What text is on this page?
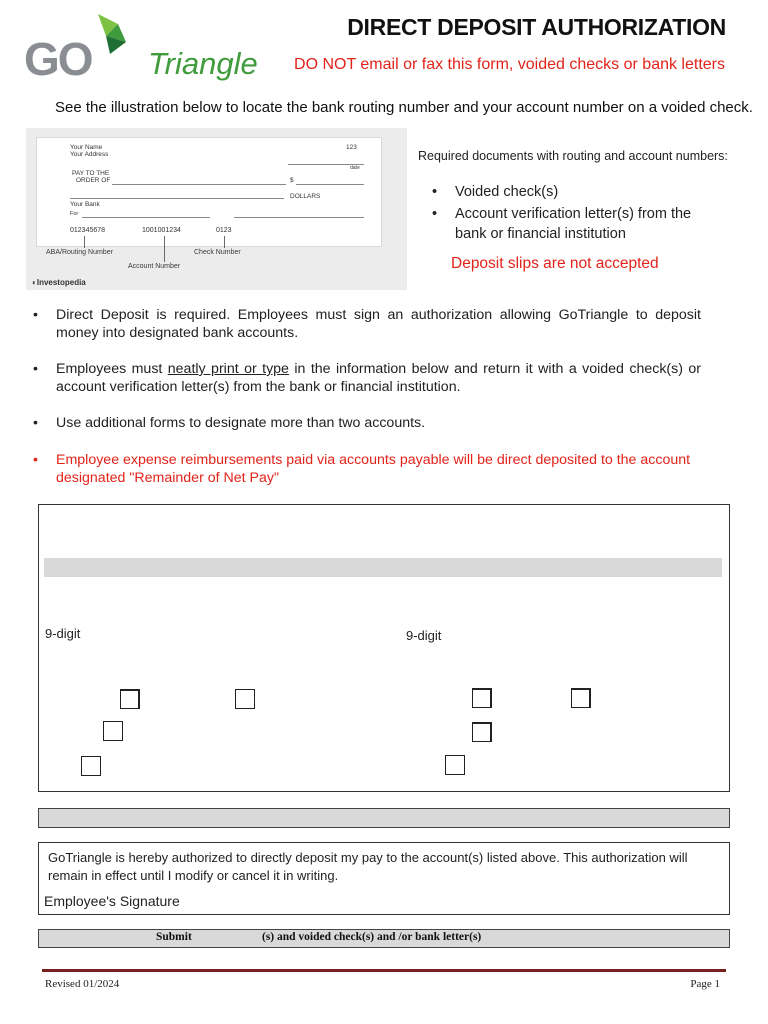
GO Triangle
DIRECT DEPOSIT AUTHORIZATION
DO NOT email or fax this form, voided checks or bank letters
See the illustration below to locate the bank routing number and your account number on a voided check.
Your Name
Your Address
123
date
PAY TO THE
ORDER OF	$
DOLLARS
Your Bank
For
012345678	1001001234	0123
ABA/Routing Number	Check Number
Account Number
◐Investopedia
Required documents with routing and account numbers:
• Voided check(s)
• Account verification letter(s) from the bank or financial institution
Deposit slips are not accepted
• Direct Deposit is required. Employees must sign an authorization allowing GoTriangle to deposit money into designated bank accounts.
• Employees must neatly print or type in the information below and return it with a voided check(s) or account verification letter(s) from the bank or financial institution.
• Use additional forms to designate more than two accounts.
• Employee expense reimbursements paid via accounts payable will be direct deposited to the account designated "Remainder of Net Pay"
9-digit	9-digit
GoTriangle is hereby authorized to directly deposit my pay to the account(s) listed above. This authorization will remain in effect until I modify or cancel it in writing.
Employee's Signature
Submit	(s) and voided check(s) and /or bank letter(s)
Revised 01/2024	Page 1
